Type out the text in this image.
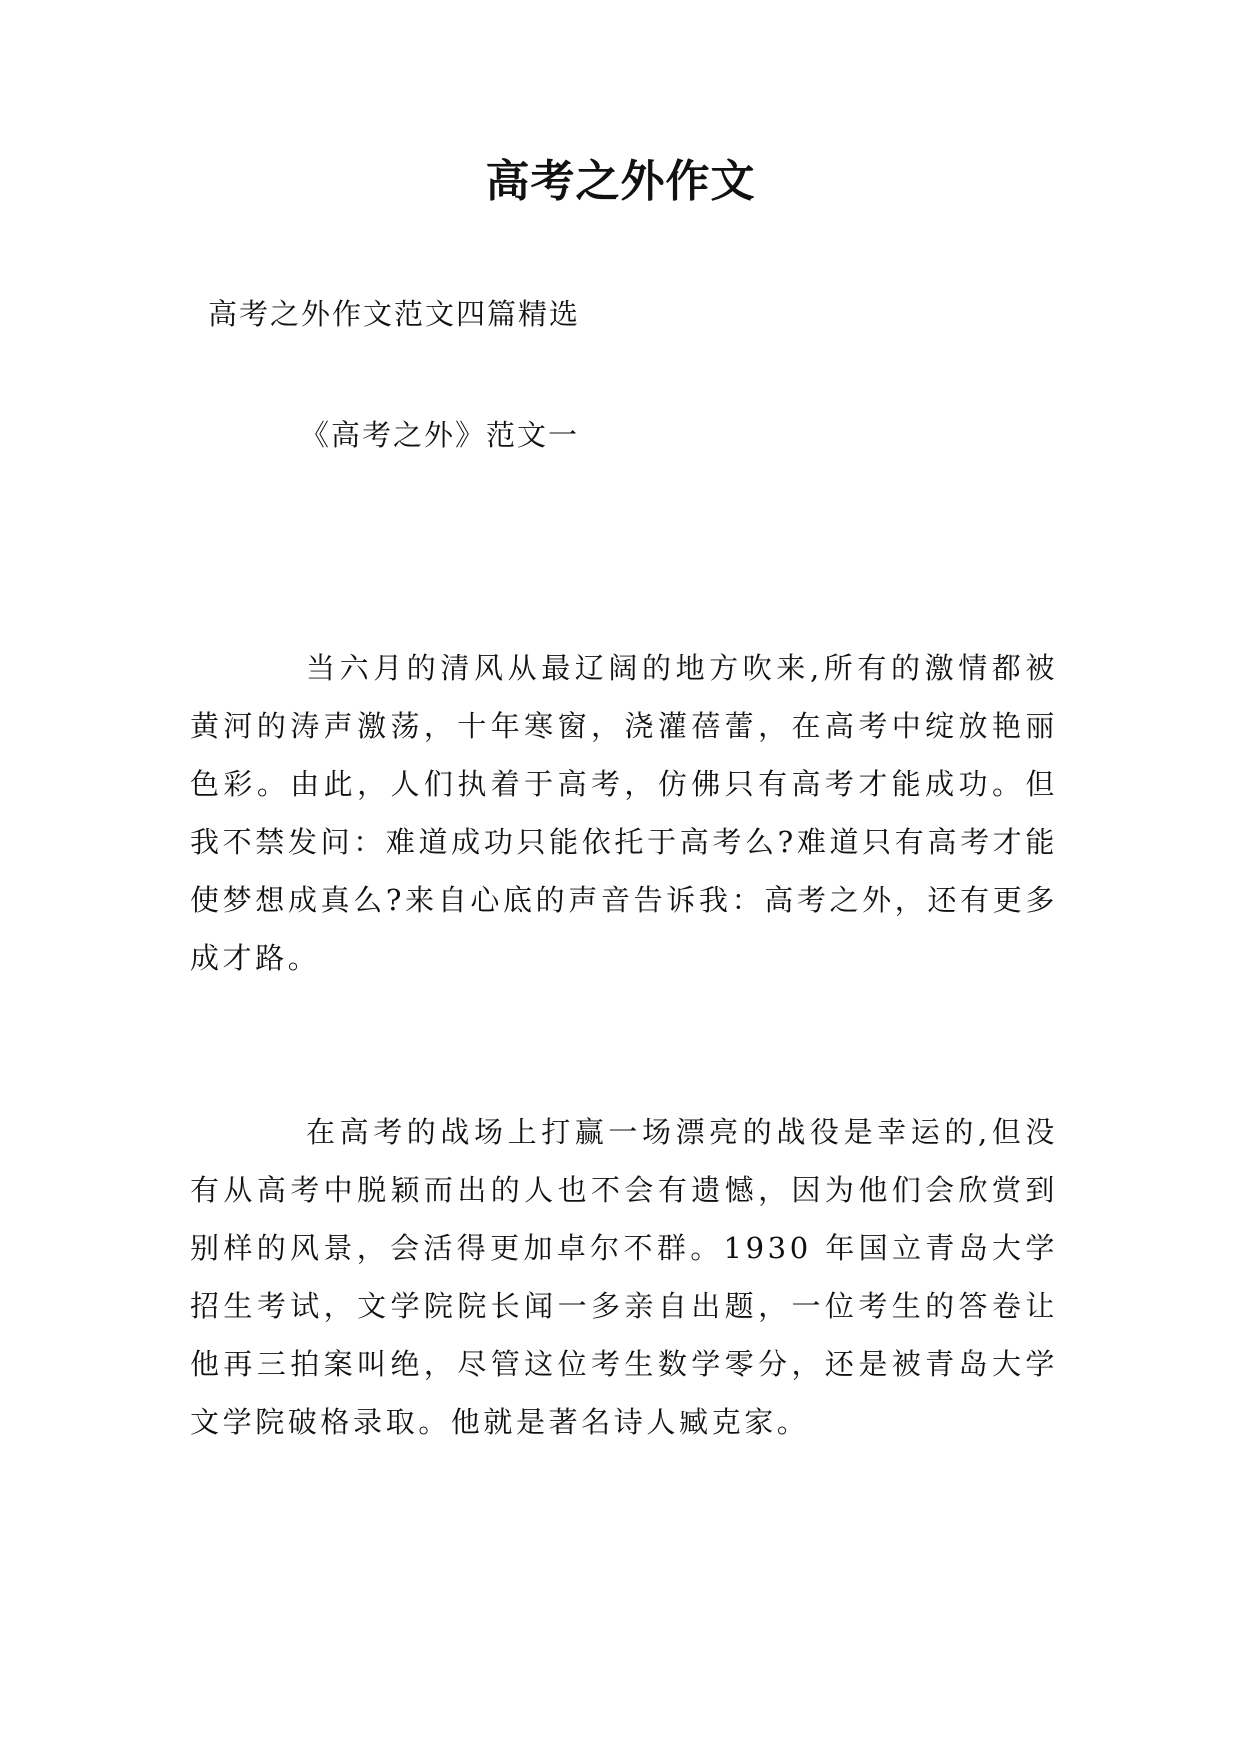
高考之外作文
高考之外作文范文四篇精选
《高考之外》范文一

当六月的清风从最辽阔的地方吹来,所有的激情都被黄河的涛声激荡，十年寒窗，浇灌蓓蕾，在高考中绽放艳丽色彩。由此，人们执着于高考，仿佛只有高考才能成功。但我不禁发问：难道成功只能依托于高考么?难道只有高考才能使梦想成真么?来自心底的声音告诉我：高考之外，还有更多成才路。

在高考的战场上打赢一场漂亮的战役是幸运的,但没有从高考中脱颖而出的人也不会有遗憾，因为他们会欣赏到别样的风景，会活得更加卓尔不群。1930 年国立青岛大学招生考试，文学院院长闻一多亲自出题，一位考生的答卷让他再三拍案叫绝，尽管这位考生数学零分，还是被青岛大学文学院破格录取。他就是著名诗人臧克家。
